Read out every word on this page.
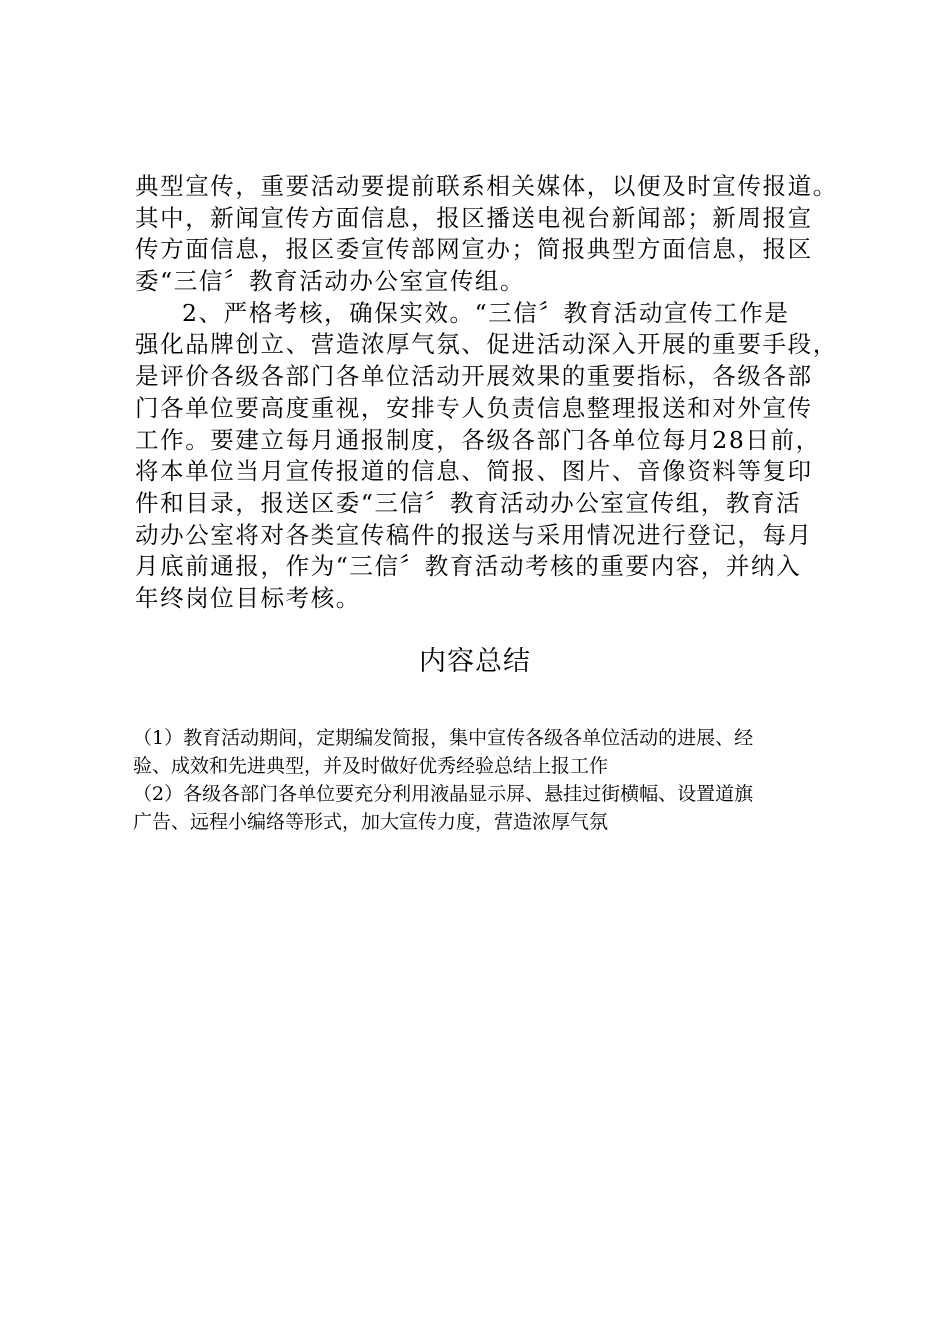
典型宣传，重要活动要提前联系相关媒体，以便及时宣传报道。
其中，新闻宣传方面信息，报区播送电视台新闻部；新周报宣
传方面信息，报区委宣传部网宣办；简报典型方面信息，报区
委“三信〞教育活动办公室宣传组。
2、严格考核，确保实效。“三信〞教育活动宣传工作是
强化品牌创立、营造浓厚气氛、促进活动深入开展的重要手段，
是评价各级各部门各单位活动开展效果的重要指标，各级各部
门各单位要高度重视，安排专人负责信息整理报送和对外宣传
工作。要建立每月通报制度，各级各部门各单位每月28日前，
将本单位当月宣传报道的信息、简报、图片、音像资料等复印
件和目录，报送区委“三信〞教育活动办公室宣传组，教育活
动办公室将对各类宣传稿件的报送与采用情况进行登记，每月
月底前通报，作为“三信〞教育活动考核的重要内容，并纳入
年终岗位目标考核。
内容总结
（1）教育活动期间，定期编发简报，集中宣传各级各单位活动的进展、经
验、成效和先进典型，并及时做好优秀经验总结上报工作
（2）各级各部门各单位要充分利用液晶显示屏、悬挂过街横幅、设置道旗
广告、远程小编络等形式，加大宣传力度，营造浓厚气氛
